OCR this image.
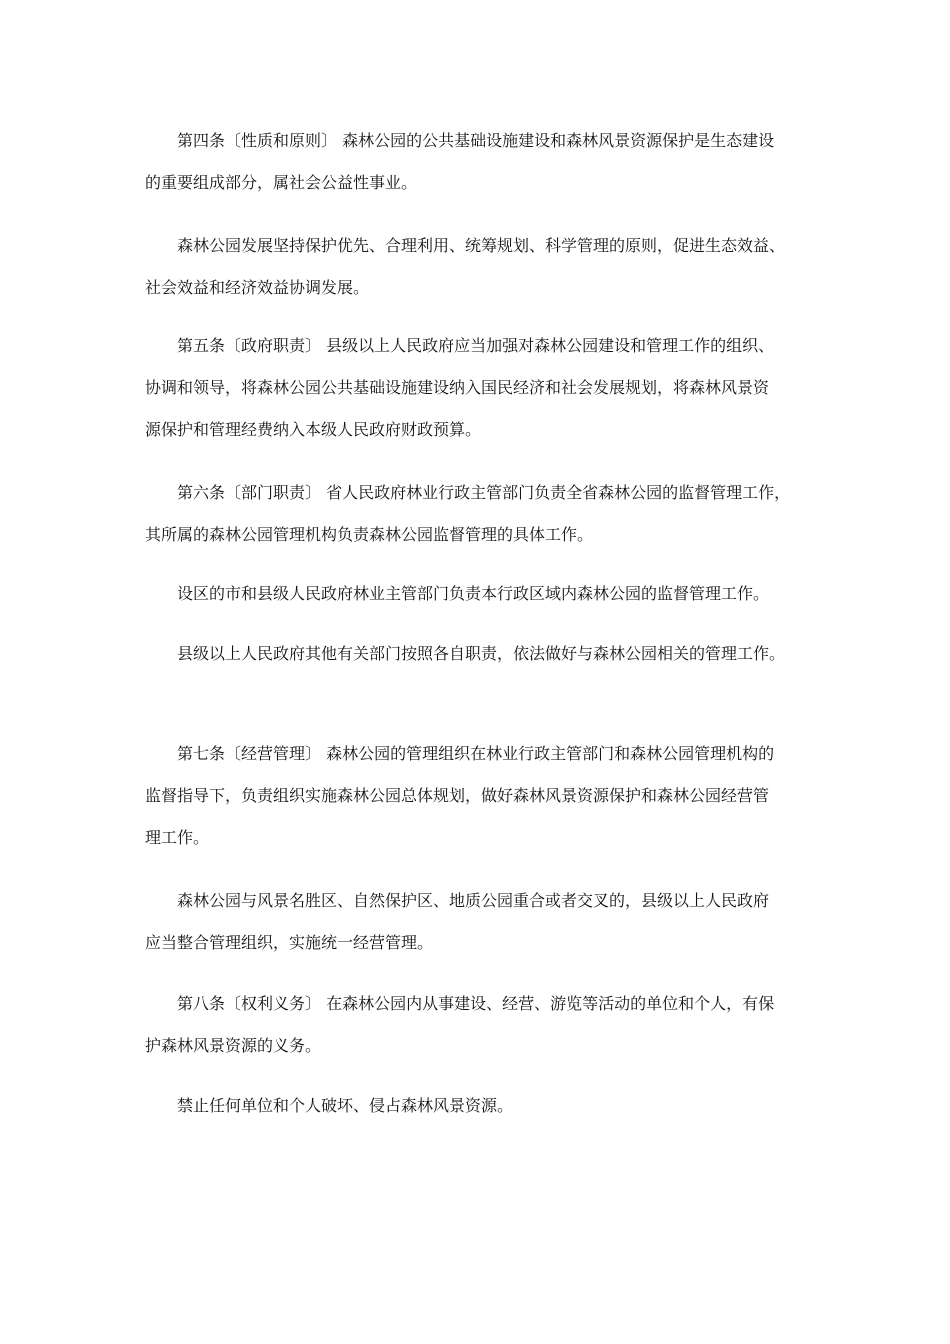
第四条〔性质和原则〕 森林公园的公共基础设施建设和森林风景资源保护是生态建设
的重要组成部分，属社会公益性事业。

森林公园发展坚持保护优先、合理利用、统筹规划、科学管理的原则，促进生态效益、
社会效益和经济效益协调发展。

第五条〔政府职责〕 县级以上人民政府应当加强对森林公园建设和管理工作的组织、
协调和领导，将森林公园公共基础设施建设纳入国民经济和社会发展规划，将森林风景资
源保护和管理经费纳入本级人民政府财政预算。

第六条〔部门职责〕 省人民政府林业行政主管部门负责全省森林公园的监督管理工作，
其所属的森林公园管理机构负责森林公园监督管理的具体工作。

设区的市和县级人民政府林业主管部门负责本行政区域内森林公园的监督管理工作。

县级以上人民政府其他有关部门按照各自职责，依法做好与森林公园相关的管理工作。

第七条〔经营管理〕 森林公园的管理组织在林业行政主管部门和森林公园管理机构的
监督指导下，负责组织实施森林公园总体规划，做好森林风景资源保护和森林公园经营管
理工作。

森林公园与风景名胜区、自然保护区、地质公园重合或者交叉的，县级以上人民政府
应当整合管理组织，实施统一经营管理。

第八条〔权利义务〕 在森林公园内从事建设、经营、游览等活动的单位和个人，有保
护森林风景资源的义务。

禁止任何单位和个人破坏、侵占森林风景资源。
